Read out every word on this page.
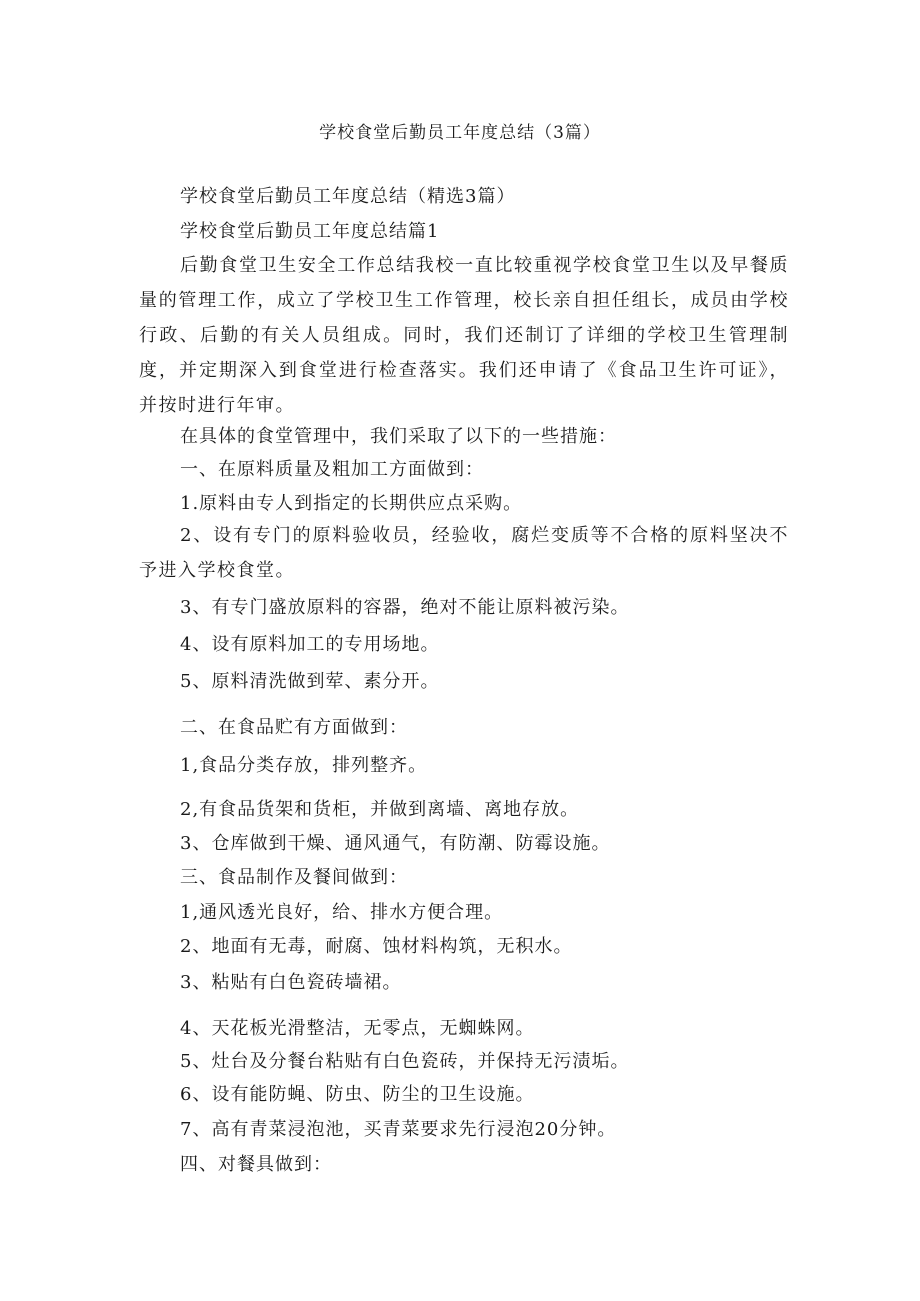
学校食堂后勤员工年度总结（3篇）

学校食堂后勤员工年度总结（精选3篇）

学校食堂后勤员工年度总结篇1

后勤食堂卫生安全工作总结我校一直比较重视学校食堂卫生以及早餐质量的管理工作，成立了学校卫生工作管理，校长亲自担任组长，成员由学校行政、后勤的有关人员组成。同时，我们还制订了详细的学校卫生管理制度，并定期深入到食堂进行检查落实。我们还申请了《食品卫生许可证》，并按时进行年审。

在具体的食堂管理中，我们采取了以下的一些措施：

一、在原料质量及粗加工方面做到：

1.原料由专人到指定的长期供应点采购。

2、设有专门的原料验收员，经验收，腐烂变质等不合格的原料坚决不予进入学校食堂。

3、有专门盛放原料的容器，绝对不能让原料被污染。

4、设有原料加工的专用场地。

5、原料清洗做到荤、素分开。

二、在食品贮有方面做到：

1,食品分类存放，排列整齐。

2,有食品货架和货柜，并做到离墙、离地存放。

3、仓库做到干燥、通风通气，有防潮、防霉设施。

三、食品制作及餐间做到：

1,通风透光良好，给、排水方便合理。

2、地面有无毒，耐腐、蚀材料构筑，无积水。

3、粘贴有白色瓷砖墙裙。

4、天花板光滑整洁，无零点，无蜘蛛网。

5、灶台及分餐台粘贴有白色瓷砖，并保持无污渍垢。

6、设有能防蝇、防虫、防尘的卫生设施。

7、高有青菜浸泡池，买青菜要求先行浸泡20分钟。

四、对餐具做到：
